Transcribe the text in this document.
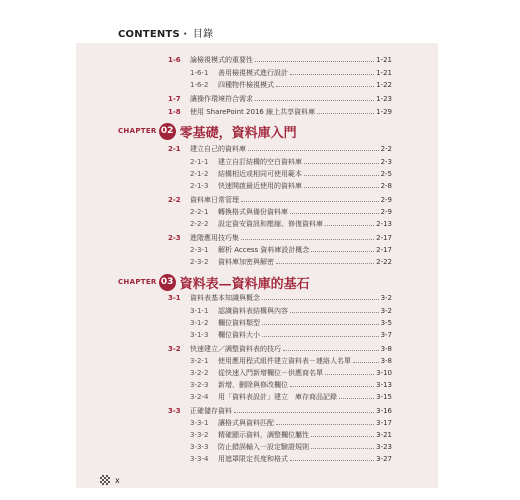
CONTENTS ‧ 目錄
1-6	論檢視模式的重要性	1-21
1-6-1	善用檢視模式進行設計	1-21
1-6-2	四種物件檢視模式	1-22
1-7	讓操作環境符合需求	1-23
1-8	使用 SharePoint 2016 線上共享資料庫	1-29
CHAPTER 02 零基礎，資料庫入門
2-1	建立自己的資料庫	2-2
2-1-1	建立自訂結構的空白資料庫	2-3
2-1-2	結構相近或相同可使用範本	2-5
2-1-3	快速開啟最近使用的資料庫	2-8
2-2	資料庫日常管理	2-9
2-2-1	轉換格式與備份資料庫	2-9
2-2-2	設定資安資訊和壓縮、修復資料庫	2-13
2-3	進階應用技巧集	2-17
2-3-1	解析 Access 資料庫設計概念	2-17
2-3-2	資料庫加密與解密	2-22
CHAPTER 03 資料表—資料庫的基石
3-1	資料表基本知識與概念	3-2
3-1-1	認識資料表結構與內容	3-2
3-1-2	欄位資料類型	3-5
3-1-3	欄位資料大小	3-7
3-2	快速建立／調整資料表的技巧	3-8
3-2-1	使用應用程式組件建立資料表－連絡人名單	3-8
3-2-2	從快速入門新增欄位－供應商名單	3-10
3-2-3	新增、刪除與修改欄位	3-13
3-2-4	用「資料表設計」建立　庫存商品記錄	3-15
3-3	正確儲存資料	3-16
3-3-1	讓格式與資料匹配	3-17
3-3-2	精確顯示資料，調整欄位屬性	3-21
3-3-3	防止錯誤輸入一設定驗證規則	3-23
3-3-4	用遮罩限定長度和格式	3-27
x
